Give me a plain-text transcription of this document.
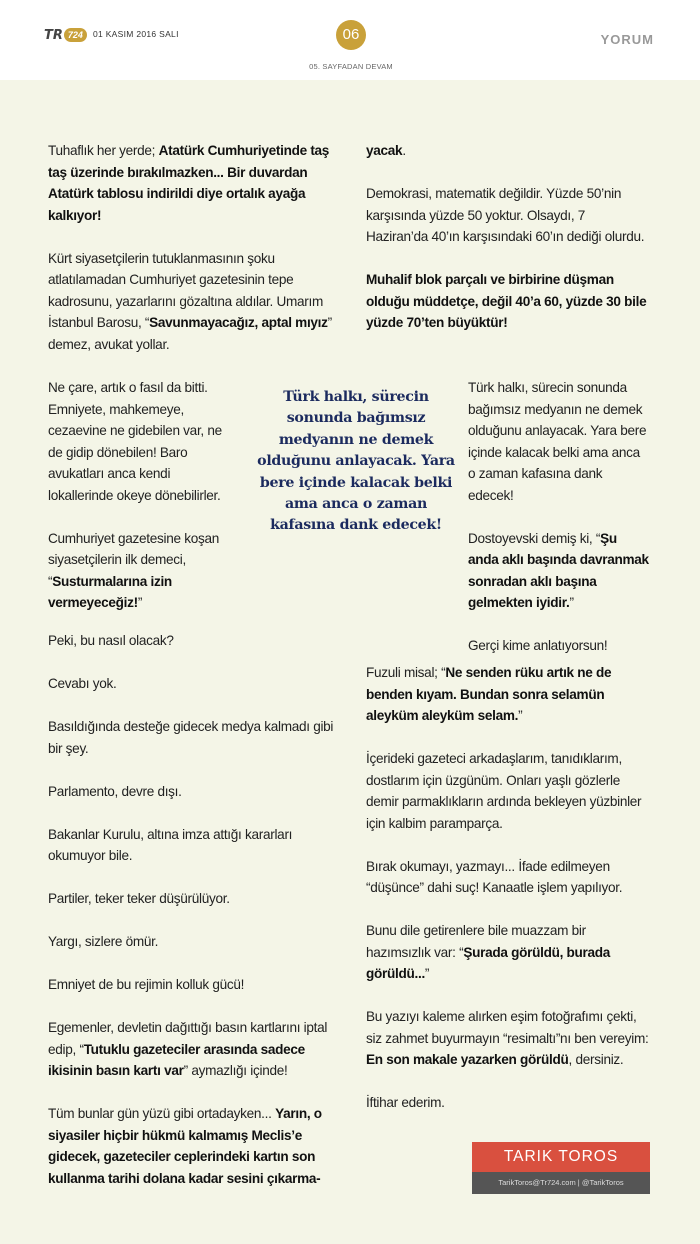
TR 724	01 KASIM 2016 SALI	06
05. SAYFADAN DEVAM
YORUM

Tuhaflık her yerde; Atatürk Cumhuriyetinde taş taş üzerinde bırakılmazken... Bir duvardan Atatürk tablosu indirildi diye ortalık ayağa kalkıyor!

Kürt siyasetçilerin tutuklanmasının şoku atlatılamadan Cumhuriyet gazetesinin tepe kadrosunu, yazarlarını gözaltına aldılar. Umarım İstanbul Barosu, “Savunmayacağız, aptal mıyız” demez, avukat yollar.

Ne çare, artık o fasıl da bitti. Emniyete, mahkemeye, cezaevine ne gidebilen var, ne de gidip dönebilen! Baro avukatları anca kendi lokallerinde okeye dönebilirler.

Cumhuriyet gazetesine koşan siyasetçilerin ilk demeci, “Susturmalarına izin vermeyeceğiz!”

Peki, bu nasıl olacak?

Cevabı yok.

Basıldığında desteğe gidecek medya kalmadı gibi bir şey.

Parlamento, devre dışı.

Bakanlar Kurulu, altına imza attığı kararları okumuyor bile.

Partiler, teker teker düşürülüyor.

Yargı, sizlere ömür.

Emniyet de bu rejimin kolluk gücü!

Egemenler, devletin dağıttığı basın kartlarını iptal edip, “Tutuklu gazeteciler arasında sadece ikisinin basın kartı var” aymazlığı içinde!

Tüm bunlar gün yüzü gibi ortadayken... Yarın, o siyasiler hiçbir hükmü kalmamış Meclis’e gidecek, gazeteciler ceplerindeki kartın son kullanma tarihi dolana kadar sesini çıkarma-

yacak.

Demokrasi, matematik değildir. Yüzde 50’nin karşısında yüzde 50 yoktur. Olsaydı, 7 Haziran’da 40’ın karşısındaki 60’ın dediği olurdu.

Muhalif blok parçalı ve birbirine düşman olduğu müddetçe, değil 40’a 60, yüzde 30 bile yüzde 70’ten büyüktür!

Türk halkı, sürecin sonunda bağımsız medyanın ne demek olduğunu anlayacak. Yara bere içinde kalacak belki ama anca o zaman kafasına dank edecek!

Dostoyevski demiş ki, “Şu anda aklı başında davranmak sonradan aklı başına gelmekten iyidir.”

Gerçi kime anlatıyorsun!

Fuzuli misal; “Ne senden rüku artık ne de benden kıyam. Bundan sonra selamün aleyküm aleyküm selam.”

İçerideki gazeteci arkadaşlarım, tanıdıklarım, dostlarım için üzgünüm. Onları yaşlı gözlerle demir parmaklıkların ardında bekleyen yüzbinler için kalbim paramparça.

Bırak okumayı, yazmayı... İfade edilmeyen “düşünce” dahi suç! Kanaatle işlem yapılıyor.

Bunu dile getirenlere bile muazzam bir hazımsızlık var: “Şurada görüldü, burada görüldü...”

Bu yazıyı kaleme alırken eşim fotoğrafımı çekti, siz zahmet buyurmayın “resimaltı”nı ben vereyim: En son makale yazarken görüldü, dersiniz.

İftihar ederim.

Türk halkı, sürecin sonunda bağımsız medyanın ne demek olduğunu anlayacak. Yara bere içinde kalacak belki ama anca o zaman kafasına dank edecek!
TARIK TOROS
TarikToros@Tr724.com | @TarikToros
